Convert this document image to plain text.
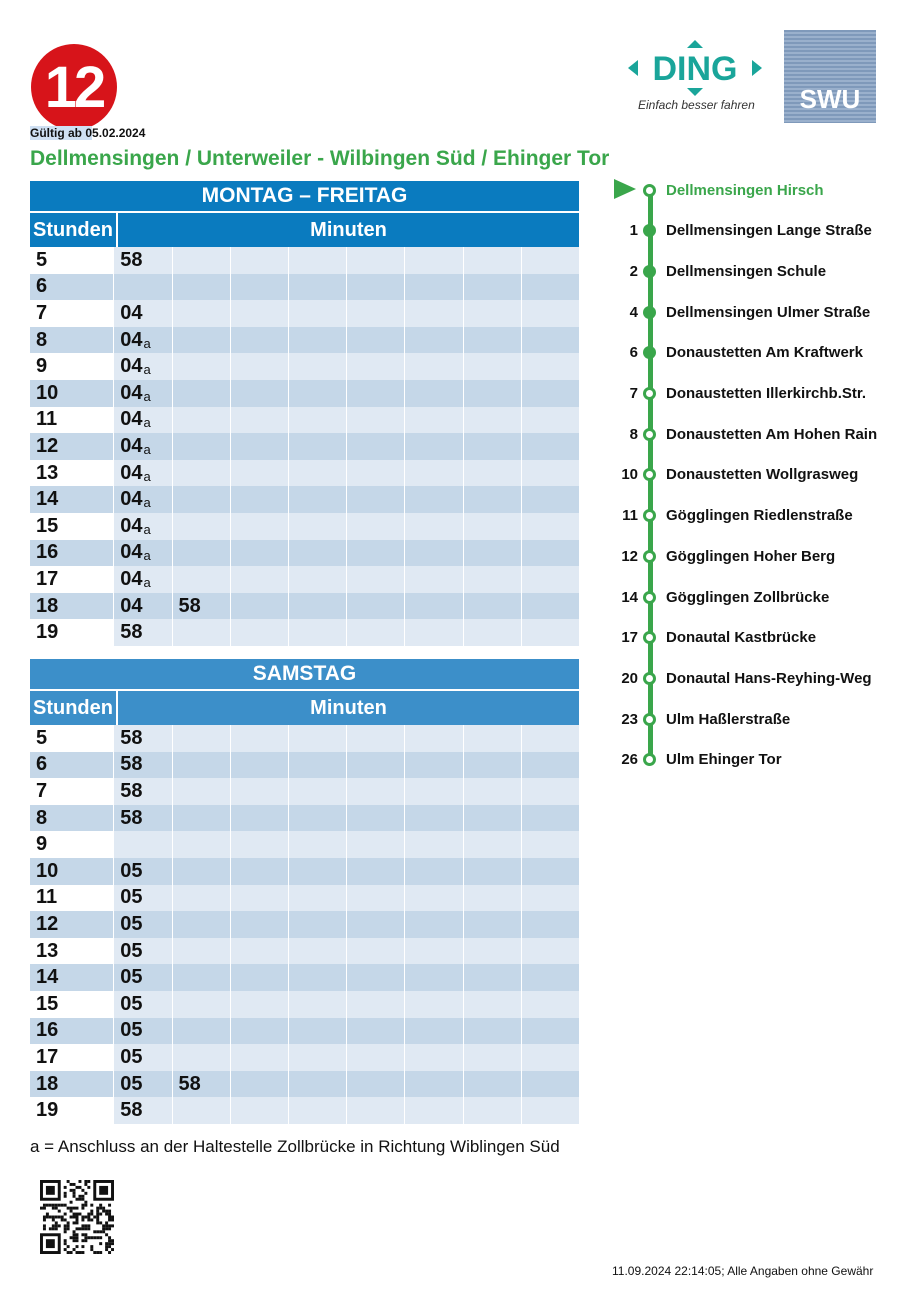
12
Gültig ab 05.02.2024
Dellmensingen / Unterweiler - Wilbingen Süd / Ehinger Tor
DING
Einfach besser fahren	SWU
MONTAG – FREITAG
Stunden	Minuten
5	58
6
7	04
8	$04_a$
9	$04_a$
10	$04_a$
11	$04_a$
12	$04_a$
13	$04_a$
14	$04_a$
15	$04_a$
16	$04_a$
17	$04_a$
18	04 58
19	58
SAMSTAG
Stunden	Minuten
5	58
6	58
7	58
8	58
9
10	05
11	05
12	05
13	05
14	05
15	05
16	05
17	05
18	05 58
19	58
Dellmensingen Hirsch
1 Dellmensingen Lange Straße
2 Dellmensingen Schule
4 Dellmensingen Ulmer Straße
6 Donaustetten Am Kraftwerk
7 Donaustetten Illerkirchb.Str.
8 Donaustetten Am Hohen Rain
10 Donaustetten Wollgrasweg
11 Gögglingen Riedlenstraße
12 Gögglingen Hoher Berg
14 Gögglingen Zollbrücke
17 Donautal Kastbrücke
20 Donautal Hans-Reyhing-Weg
23 Ulm Haßlerstraße
26 Ulm Ehinger Tor
a = Anschluss an der Haltestelle Zollbrücke in Richtung Wiblingen Süd
11.09.2024 22:14:05; Alle Angaben ohne Gewähr
